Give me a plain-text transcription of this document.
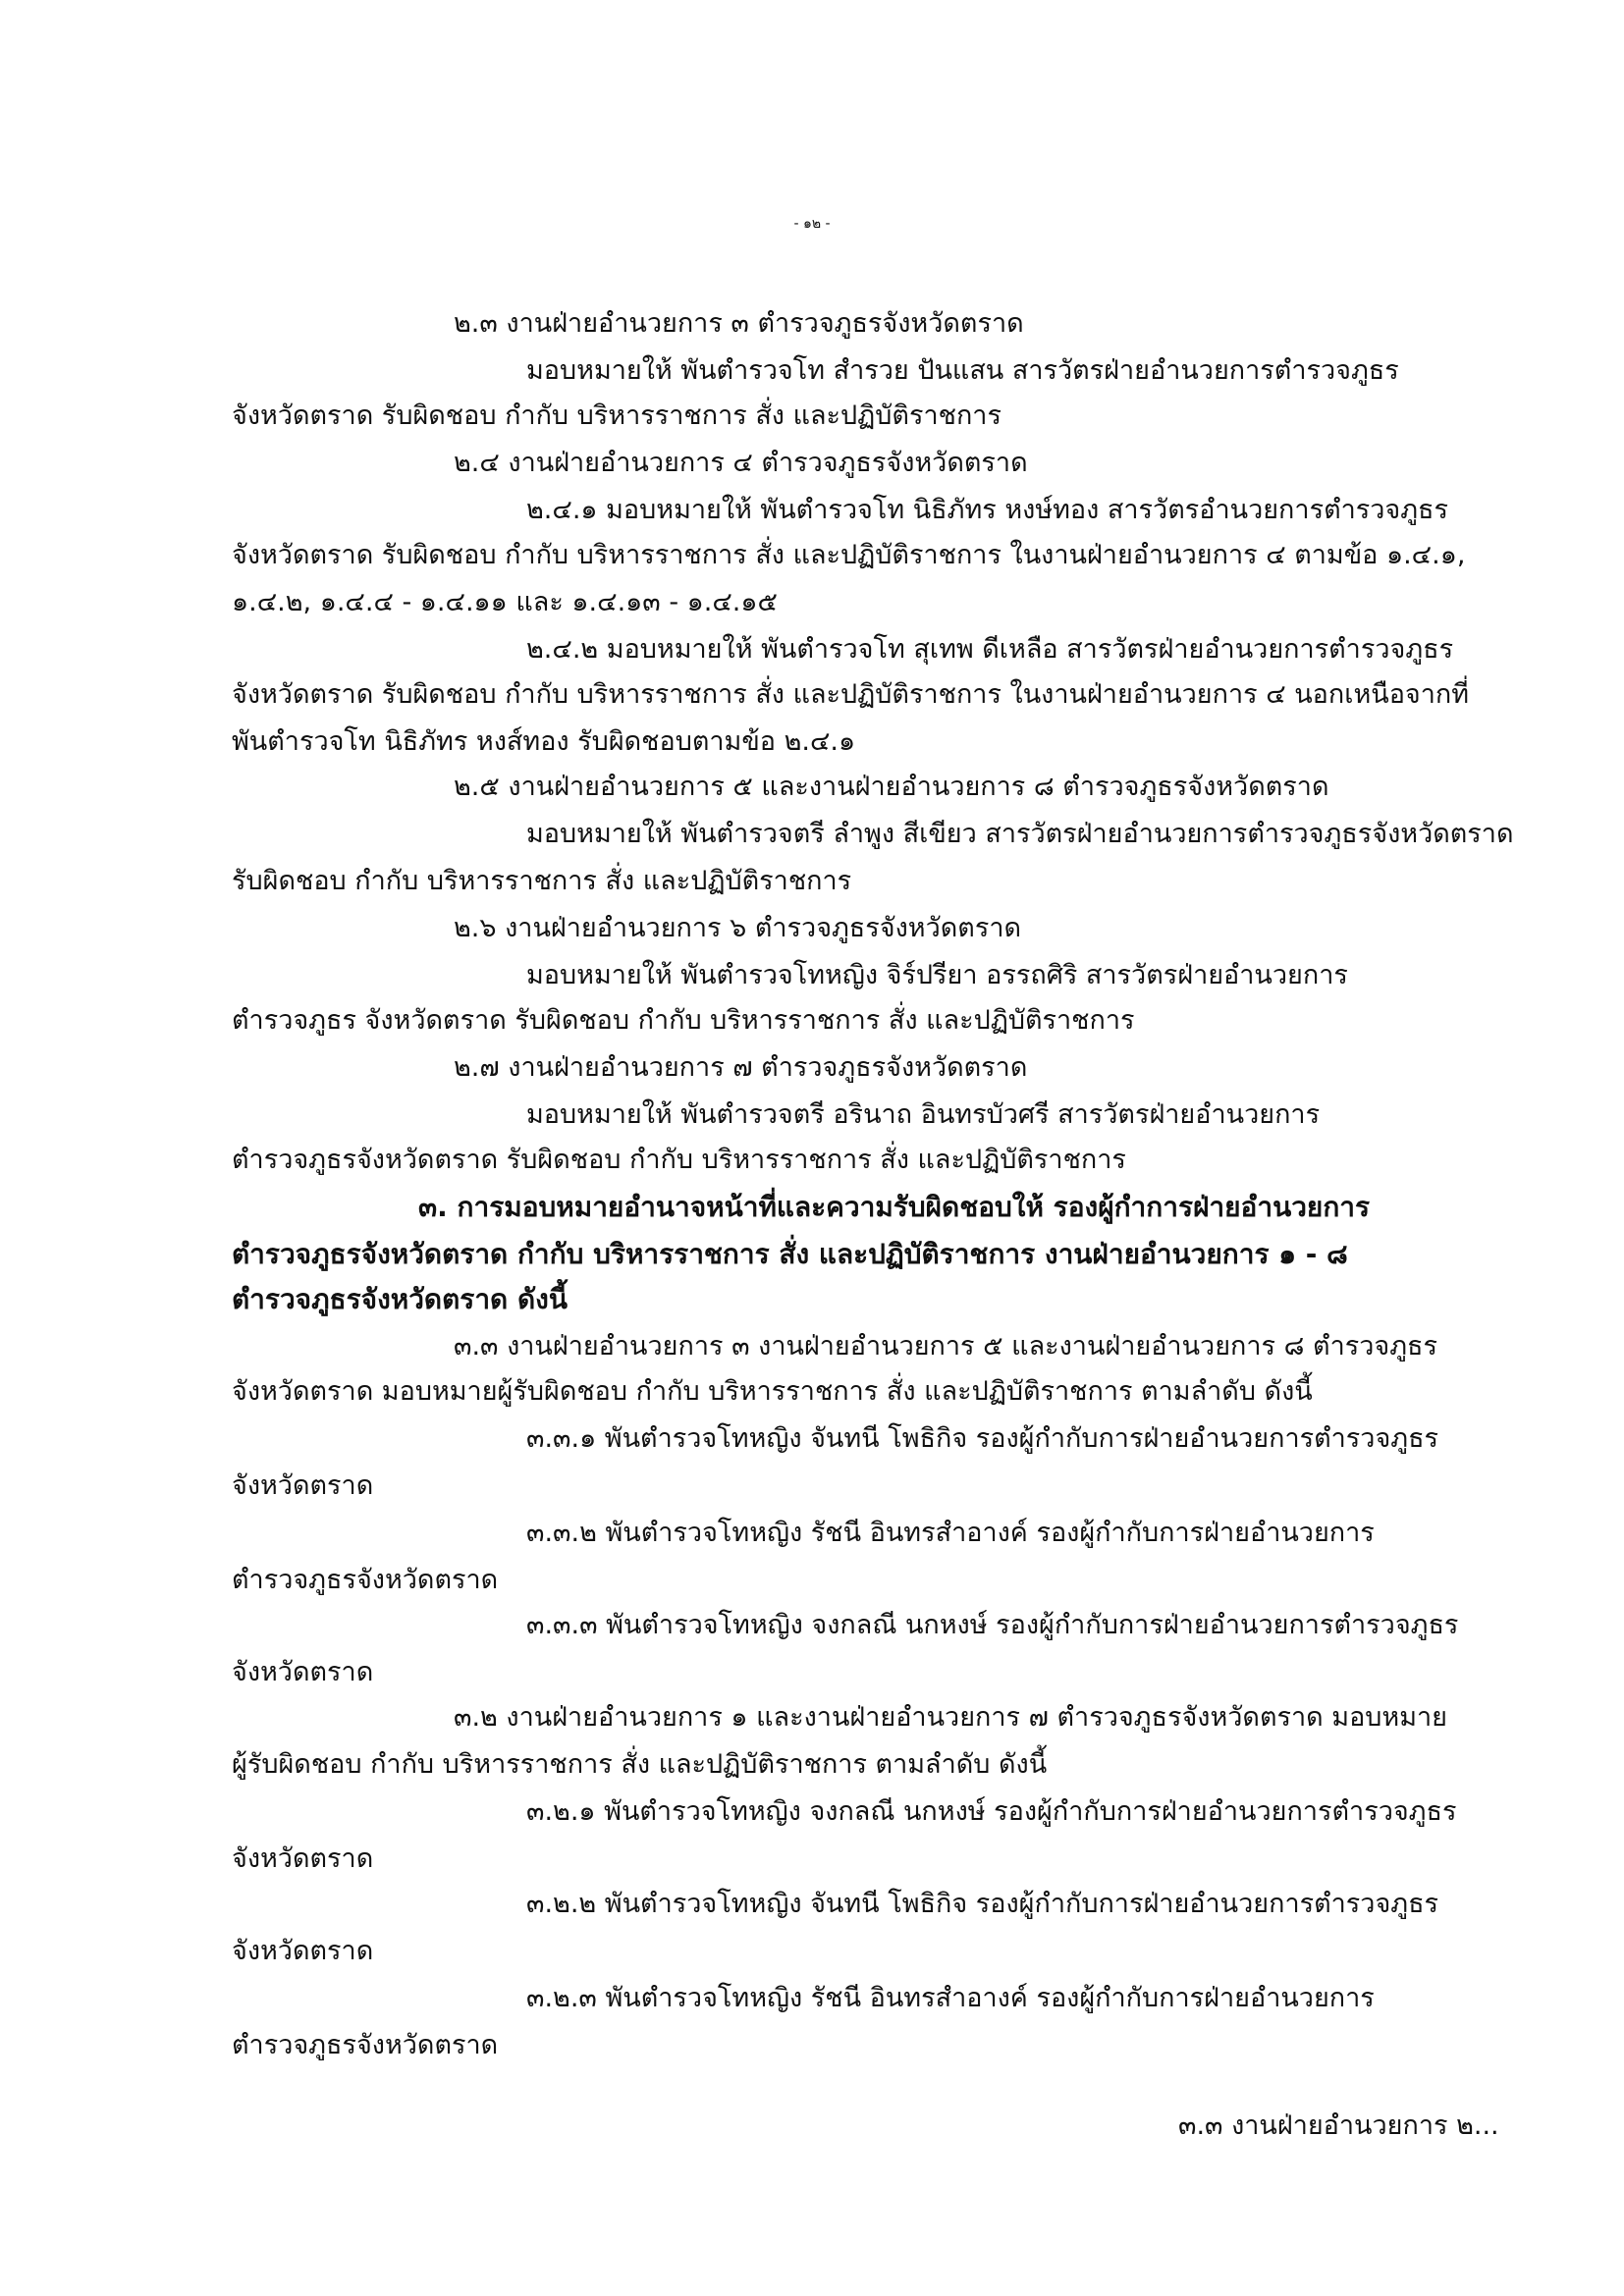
- ๑๒ -

๒.๓ งานฝ่ายอำนวยการ ๓ ตำรวจภูธรจังหวัดตราด

มอบหมายให้ พันตำรวจโท สำรวย ปันแสน สารวัตรฝ่ายอำนวยการตำรวจภูธร

จังหวัดตราด รับผิดชอบ กำกับ บริหารราชการ สั่ง และปฏิบัติราชการ

๒.๔ งานฝ่ายอำนวยการ ๔ ตำรวจภูธรจังหวัดตราด

๒.๔.๑ มอบหมายให้ พันตำรวจโท นิธิภัทร หงษ์ทอง สารวัตรอำนวยการตำรวจภูธร

จังหวัดตราด รับผิดชอบ กำกับ บริหารราชการ สั่ง และปฏิบัติราชการ ในงานฝ่ายอำนวยการ ๔ ตามข้อ ๑.๔.๑,

๑.๔.๒, ๑.๔.๔ - ๑.๔.๑๑ และ ๑.๔.๑๓ - ๑.๔.๑๕

๒.๔.๒ มอบหมายให้ พันตำรวจโท สุเทพ ดีเหลือ สารวัตรฝ่ายอำนวยการตำรวจภูธร

จังหวัดตราด รับผิดชอบ กำกับ บริหารราชการ สั่ง และปฏิบัติราชการ ในงานฝ่ายอำนวยการ ๔ นอกเหนือจากที่

พันตำรวจโท นิธิภัทร หงส์ทอง รับผิดชอบตามข้อ ๒.๔.๑

๒.๕ งานฝ่ายอำนวยการ ๕ และงานฝ่ายอำนวยการ ๘ ตำรวจภูธรจังหวัดตราด

มอบหมายให้ พันตำรวจตรี ลำพูง สีเขียว สารวัตรฝ่ายอำนวยการตำรวจภูธรจังหวัดตราด

รับผิดชอบ กำกับ บริหารราชการ สั่ง และปฏิบัติราชการ

๒.๖ งานฝ่ายอำนวยการ ๖ ตำรวจภูธรจังหวัดตราด

มอบหมายให้ พันตำรวจโทหญิง จิร์ปรียา อรรถศิริ สารวัตรฝ่ายอำนวยการ

ตำรวจภูธร จังหวัดตราด รับผิดชอบ กำกับ บริหารราชการ สั่ง และปฏิบัติราชการ

๒.๗ งานฝ่ายอำนวยการ ๗ ตำรวจภูธรจังหวัดตราด

มอบหมายให้ พันตำรวจตรี อรินาถ อินทรบัวศรี สารวัตรฝ่ายอำนวยการ

ตำรวจภูธรจังหวัดตราด รับผิดชอบ กำกับ บริหารราชการ สั่ง และปฏิบัติราชการ

๓. การมอบหมายอำนาจหน้าที่และความรับผิดชอบให้ รองผู้กำการฝ่ายอำนวยการ

ตำรวจภูธรจังหวัดตราด กำกับ บริหารราชการ สั่ง และปฏิบัติราชการ งานฝ่ายอำนวยการ ๑ - ๘

ตำรวจภูธรจังหวัดตราด ดังนี้

๓.๓ งานฝ่ายอำนวยการ ๓ งานฝ่ายอำนวยการ ๕ และงานฝ่ายอำนวยการ ๘ ตำรวจภูธร

จังหวัดตราด มอบหมายผู้รับผิดชอบ กำกับ บริหารราชการ สั่ง และปฏิบัติราชการ ตามลำดับ ดังนี้

๓.๓.๑ พันตำรวจโทหญิง จันทนี โพธิกิจ รองผู้กำกับการฝ่ายอำนวยการตำรวจภูธร

จังหวัดตราด

๓.๓.๒ พันตำรวจโทหญิง รัชนี อินทรสำอางค์ รองผู้กำกับการฝ่ายอำนวยการ

ตำรวจภูธรจังหวัดตราด

๓.๓.๓ พันตำรวจโทหญิง จงกลณี นกหงษ์ รองผู้กำกับการฝ่ายอำนวยการตำรวจภูธร

จังหวัดตราด

๓.๒ งานฝ่ายอำนวยการ ๑ และงานฝ่ายอำนวยการ ๗ ตำรวจภูธรจังหวัดตราด มอบหมาย

ผู้รับผิดชอบ กำกับ บริหารราชการ สั่ง และปฏิบัติราชการ ตามลำดับ ดังนี้

๓.๒.๑ พันตำรวจโทหญิง จงกลณี นกหงษ์ รองผู้กำกับการฝ่ายอำนวยการตำรวจภูธร

จังหวัดตราด

๓.๒.๒ พันตำรวจโทหญิง จันทนี โพธิกิจ รองผู้กำกับการฝ่ายอำนวยการตำรวจภูธร

จังหวัดตราด

๓.๒.๓ พันตำรวจโทหญิง รัชนี อินทรสำอางค์ รองผู้กำกับการฝ่ายอำนวยการ

ตำรวจภูธรจังหวัดตราด

๓.๓ งานฝ่ายอำนวยการ ๒...
